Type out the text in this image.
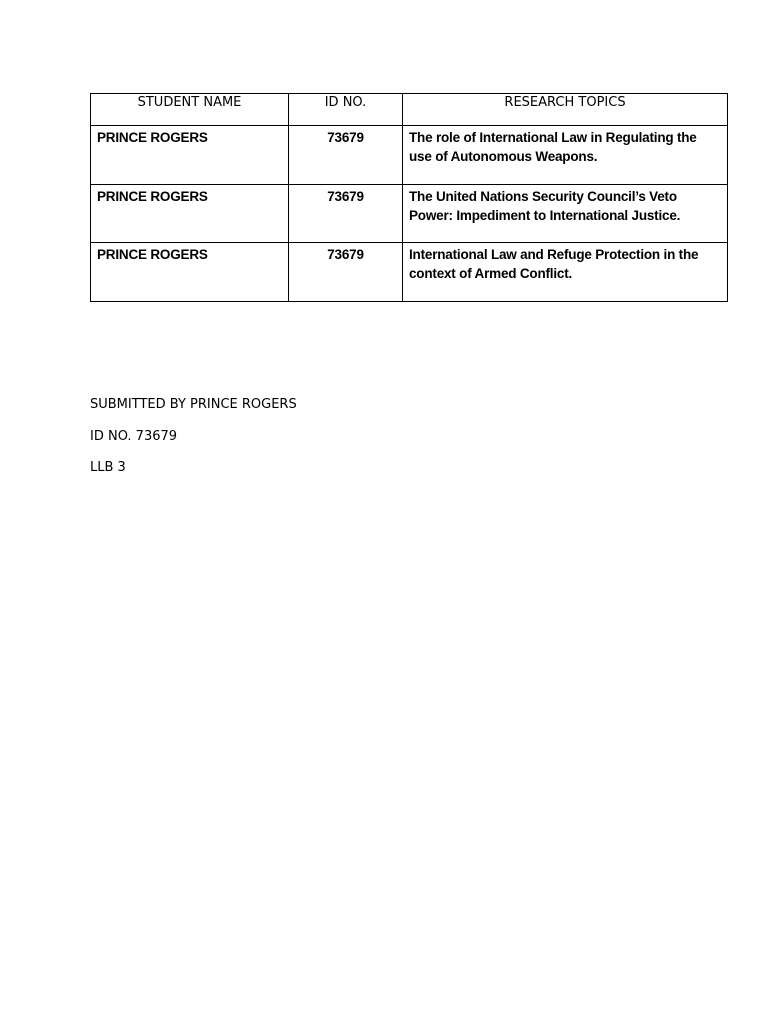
STUDENT NAME	ID NO.	RESEARCH TOPICS
PRINCE ROGERS	73679	The role of International Law in Regulating the use of Autonomous Weapons.
PRINCE ROGERS	73679	The United Nations Security Council’s Veto Power: Impediment to International Justice.
PRINCE ROGERS	73679	International Law and Refuge Protection in the context of Armed Conflict.

SUBMITTED BY PRINCE ROGERS

ID NO. 73679

LLB 3
